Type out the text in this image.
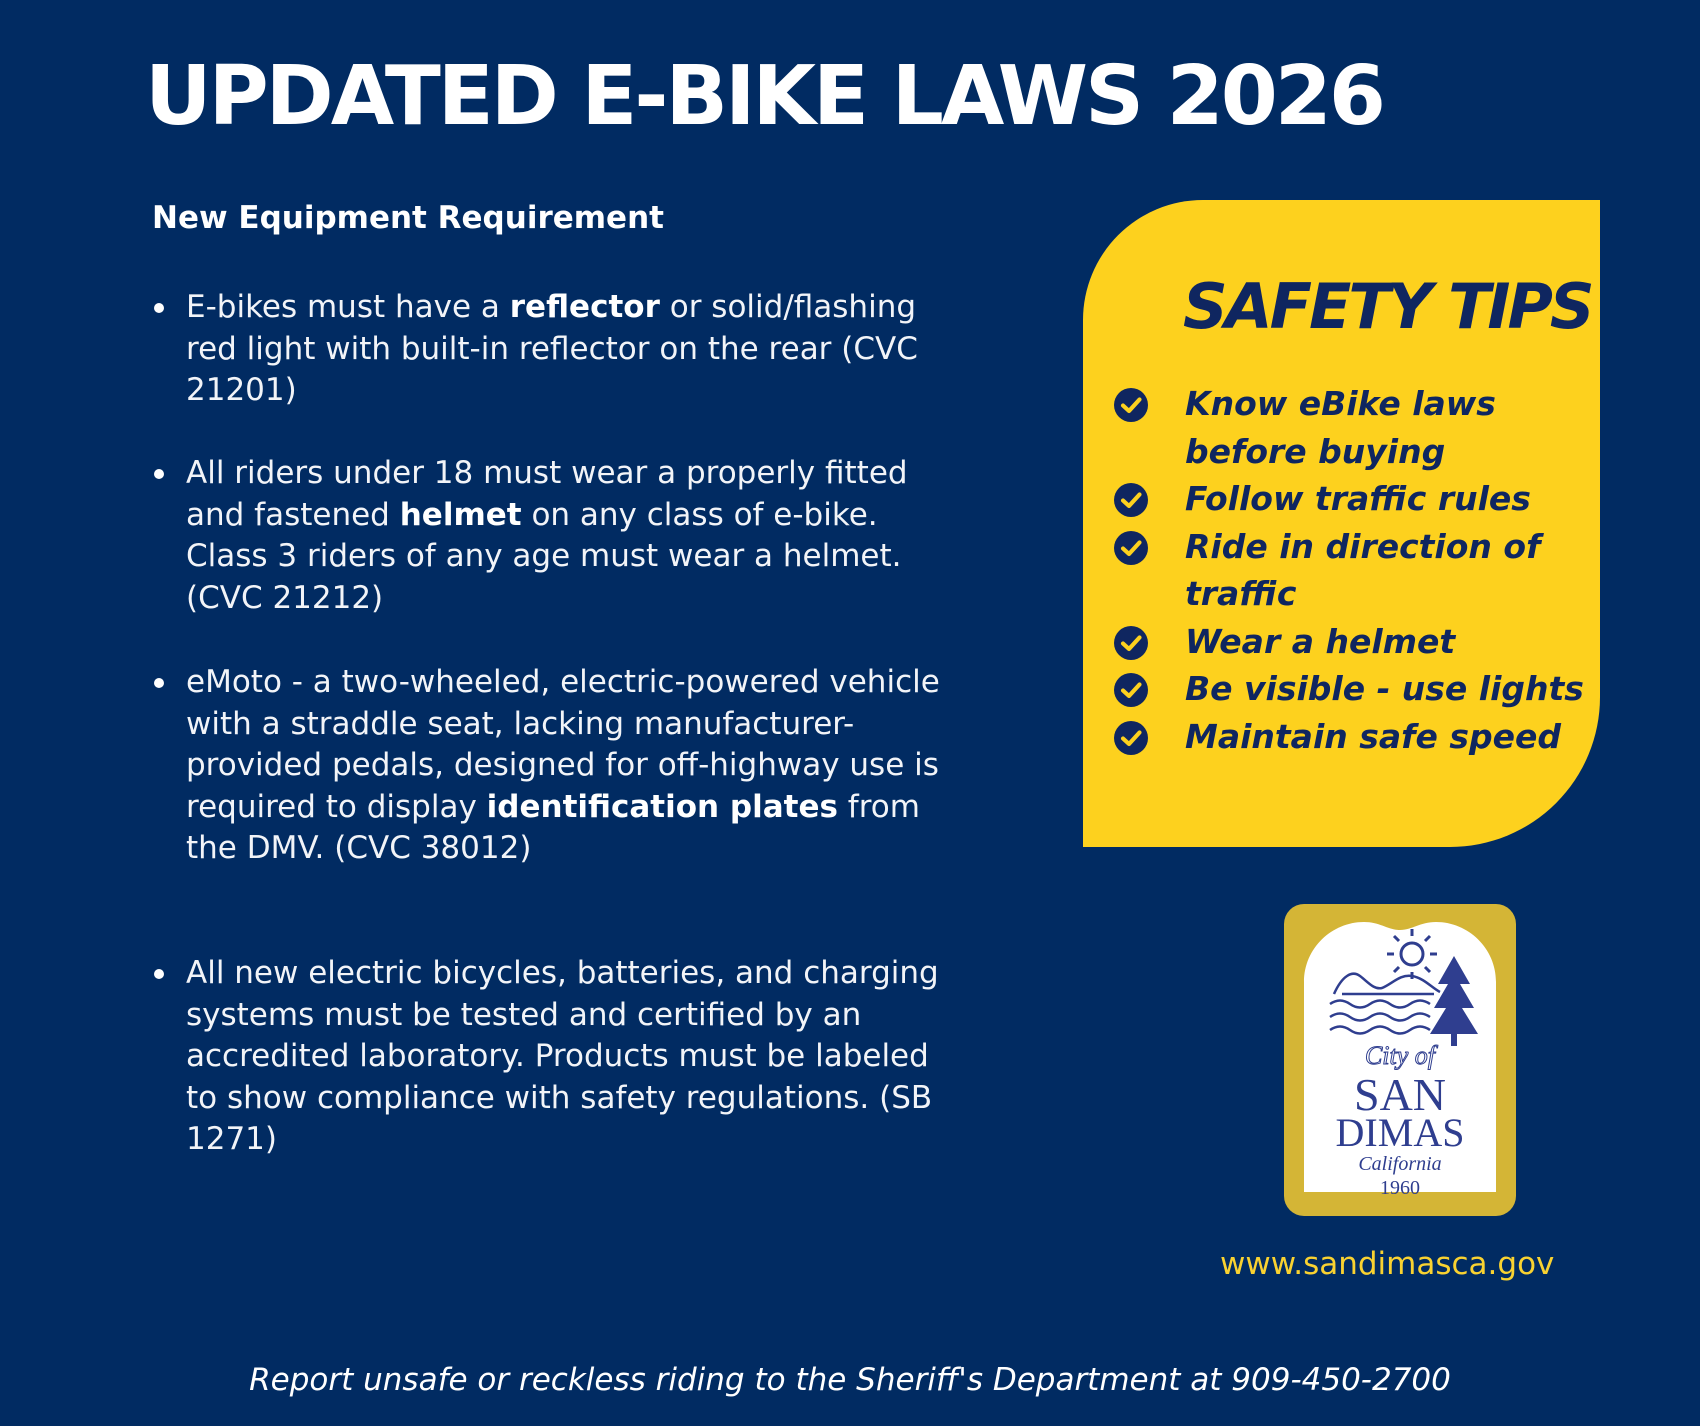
UPDATED E-BIKE LAWS 2026
New Equipment Requirement
E-bikes must have a reflector or solid/flashing red light with built-in reflector on the rear (CVC 21201)
All riders under 18 must wear a properly fitted and fastened helmet on any class of e-bike. Class 3 riders of any age must wear a helmet. (CVC 21212)
eMoto - a two-wheeled, electric-powered vehicle with a straddle seat, lacking manufacturer-provided pedals, designed for off-highway use is required to display identification plates from the DMV. (CVC 38012)
All new electric bicycles, batteries, and charging systems must be tested and certified by an accredited laboratory. Products must be labeled to show compliance with safety regulations. (SB 1271)
SAFETY TIPS
Know eBike laws before buying
Follow traffic rules
Ride in direction of traffic
Wear a helmet
Be visible - use lights
Maintain safe speed
City of
SAN
DIMAS
California
1960
www.sandimasca.gov
Report unsafe or reckless riding to the Sheriff's Department at 909-450-2700
